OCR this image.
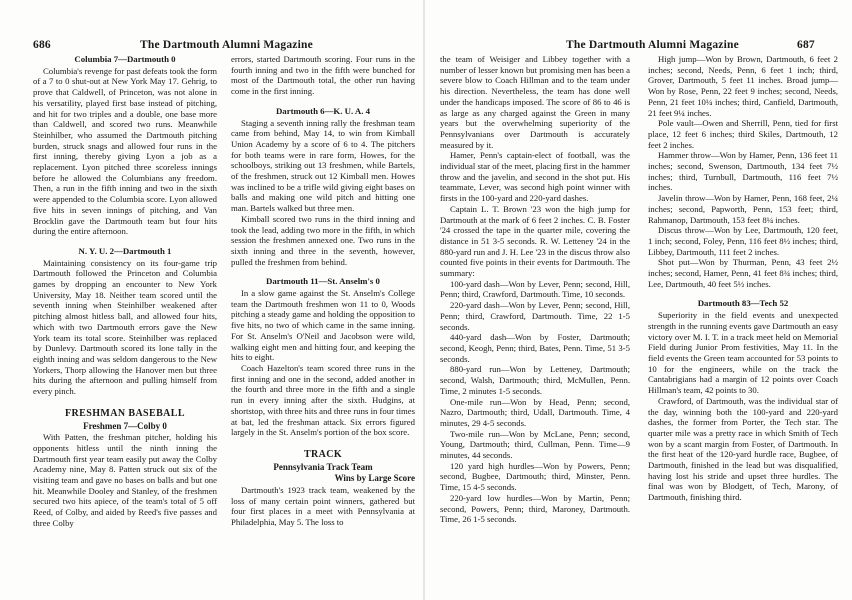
686	The Dartmouth Alumni Magazine
Columbia 7—Dartmouth 0

Columbia's revenge for past defeats took the form of a 7 to 0 shut-out at New York May 17. Gehrig, to prove that Caldwell, of Princeton, was not alone in his versatility, played first base instead of pitching, and hit for two triples and a double, one base more than Caldwell, and scored two runs. Meanwhile Steinhilber, who assumed the Dartmouth pitching burden, struck snags and allowed four runs in the first inning, thereby giving Lyon a job as a replacement. Lyon pitched three scoreless innings before he allowed the Columbians any freedom. Then, a run in the fifth inning and two in the sixth were appended to the Columbia score. Lyon allowed five hits in seven innings of pitching, and Van Brocklin gave the Dartmouth team but four hits during the entire afternoon.

N. Y. U. 2—Dartmouth 1

Maintaining consistency on its four-game trip Dartmouth followed the Princeton and Columbia games by dropping an encounter to New York University, May 18. Neither team scored until the seventh inning when Steinhilber weakened after pitching almost hitless ball, and allowed four hits, which with two Dartmouth errors gave the New York team its total score. Steinhilber was replaced by Dunlevy. Dartmouth scored its lone tally in the eighth inning and was seldom dangerous to the New Yorkers, Thorp allowing the Hanover men but three hits during the afternoon and pulling himself from every pinch.

FRESHMAN BASEBALL
Freshmen 7—Colby 0

With Patten, the freshman pitcher, holding his opponents hitless until the ninth inning the Dartmouth first year team easily put away the Colby Academy nine, May 8. Patten struck out six of the visiting team and gave no bases on balls and but one hit. Meanwhile Dooley and Stanley, of the freshmen secured two hits apiece, of the team's total of 5 off Reed, of Colby, and aided by Reed's five passes and three Colby

errors, started Dartmouth scoring. Four runs in the fourth inning and two in the fifth were bunched for most of the Dartmouth total, the other run having come in the first inning.

Dartmouth 6—K. U. A. 4

Staging a seventh inning rally the freshman team came from behind, May 14, to win from Kimball Union Academy by a score of 6 to 4. The pitchers for both teams were in rare form, Howes, for the schoolboys, striking out 13 freshmen, while Bartels, of the freshmen, struck out 12 Kimball men. Howes was inclined to be a trifle wild giving eight bases on balls and making one wild pitch and hitting one man. Bartels walked but three men.

Kimball scored two runs in the third inning and took the lead, adding two more in the fifth, in which session the freshmen annexed one. Two runs in the sixth inning and three in the seventh, however, pulled the freshmen from behind.

Dartmouth 11—St. Anselm's 0

In a slow game against the St. Anselm's College team the Dartmouth freshmen won 11 to 0, Woods pitching a steady game and holding the opposition to five hits, no two of which came in the same inning. For St. Anselm's O'Neil and Jacobson were wild, walking eight men and hitting four, and keeping the hits to eight.

Coach Hazelton's team scored three runs in the first inning and one in the second, added another in the fourth and three more in the fifth and a single run in every inning after the sixth. Hudgins, at shortstop, with three hits and three runs in four times at bat, led the freshman attack. Six errors figured largely in the St. Anselm's portion of the box score.

TRACK
Pennsylvania Track Team
Wins by Large Score

Dartmouth's 1923 track team, weakened by the loss of many certain point winners, gathered but four first places in a meet with Pennsylvania at Philadelphia, May 5. The loss to

The Dartmouth Alumni Magazine	687

the team of Weisiger and Libbey together with a number of lesser known but promising men has been a severe blow to Coach Hillman and to the team under his direction. Nevertheless, the team has done well under the handicaps imposed. The score of 86 to 46 is as large as any charged against the Green in many years but the overwhelming superiority of the Pennsylvanians over Dartmouth is accurately measured by it.

Hamer, Penn's captain-elect of football, was the individual star of the meet, placing first in the hammer throw and the javelin, and second in the shot put. His teammate, Lever, was second high point winner with firsts in the 100-yard and 220-yard dashes.

Captain L. T. Brown '23 won the high jump for Dartmouth at the mark of 6 feet 2 inches. C. B. Foster '24 crossed the tape in the quarter mile, covering the distance in 51 3-5 seconds. R. W. Letteney '24 in the 880-yard run and J. H. Lee '23 in the discus throw also counted five points in their events for Dartmouth. The summary:

100-yard dash—Won by Lever, Penn; second, Hill, Penn; third, Crawford, Dartmouth. Time, 10 seconds.

220-yard dash—Won by Lever, Penn; second, Hill, Penn; third, Crawford, Dartmouth. Time, 22 1-5 seconds.

440-yard dash—Won by Foster, Dartmouth; second, Keogh, Penn; third, Bates, Penn. Time, 51 3-5 seconds.

880-yard run—Won by Letteney, Dartmouth; second, Walsh, Dartmouth; third, McMullen, Penn. Time, 2 minutes 1-5 seconds.

One-mile run—Won by Head, Penn; second, Nazro, Dartmouth; third, Udall, Dartmouth. Time, 4 minutes, 29 4-5 seconds.

Two-mile run—Won by McLane, Penn; second, Young, Dartmouth; third, Cullman, Penn. Time—9 minutes, 44 seconds.

120 yard high hurdles—Won by Powers, Penn; second, Bugbee, Dartmouth; third, Minster, Penn. Time, 15 4-5 seconds.

220-yard low hurdles—Won by Martin, Penn; second, Powers, Penn; third, Maroney, Dartmouth. Time, 26 1-5 seconds.

High jump—Won by Brown, Dartmouth, 6 feet 2 inches; second, Needs, Penn, 6 feet 1 inch; third, Grover, Dartmouth, 5 feet 11 inches. Broad jump—Won by Rose, Penn, 22 feet 9 inches; second, Needs, Penn, 21 feet 10¼ inches; third, Canfield, Dartmouth, 21 feet 9¼ inches.

Pole vault—Owen and Sherrill, Penn, tied for first place, 12 feet 6 inches; third Skiles, Dartmouth, 12 feet 2 inches.

Hammer throw—Won by Hamer, Penn, 136 feet 11 inches; second, Swenson, Dartmouth, 134 feet 7½ inches; third, Turnbull, Dartmouth, 116 feet 7½ inches.

Javelin throw—Won by Hamer, Penn, 168 feet, 2¼ inches; second, Papworth, Penn, 153 feet; third, Rahmanop, Dartmouth, 153 feet 8¼ inches.

Discus throw—Won by Lee, Dartmouth, 120 feet, 1 inch; second, Foley, Penn, 116 feet 8½ inches; third, Libbey, Dartmouth, 111 feet 2 inches.

Shot put—Won by Thurman, Penn, 43 feet 2½ inches; second, Hamer, Penn, 41 feet 8¾ inches; third, Lee, Dartmouth, 40 feet 5½ inches.

Dartmouth 83—Tech 52

Superiority in the field events and unexpected strength in the running events gave Dartmouth an easy victory over M. I. T. in a track meet held on Memorial Field during Junior Prom festivities, May 11. In the field events the Green team accounted for 53 points to 10 for the engineers, while on the track the Cantabrigians had a margin of 12 points over Coach Hillman's team, 42 points to 30.

Crawford, of Dartmouth, was the individual star of the day, winning both the 100-yard and 220-yard dashes, the former from Porter, the Tech star. The quarter mile was a pretty race in which Smith of Tech won by a scant margin from Foster, of Dartmouth. In the first heat of the 120-yard hurdle race, Bugbee, of Dartmouth, finished in the lead but was disqualified, having lost his stride and upset three hurdles. The final was won by Blodgett, of Tech, Marony, of Dartmouth, finishing third.
